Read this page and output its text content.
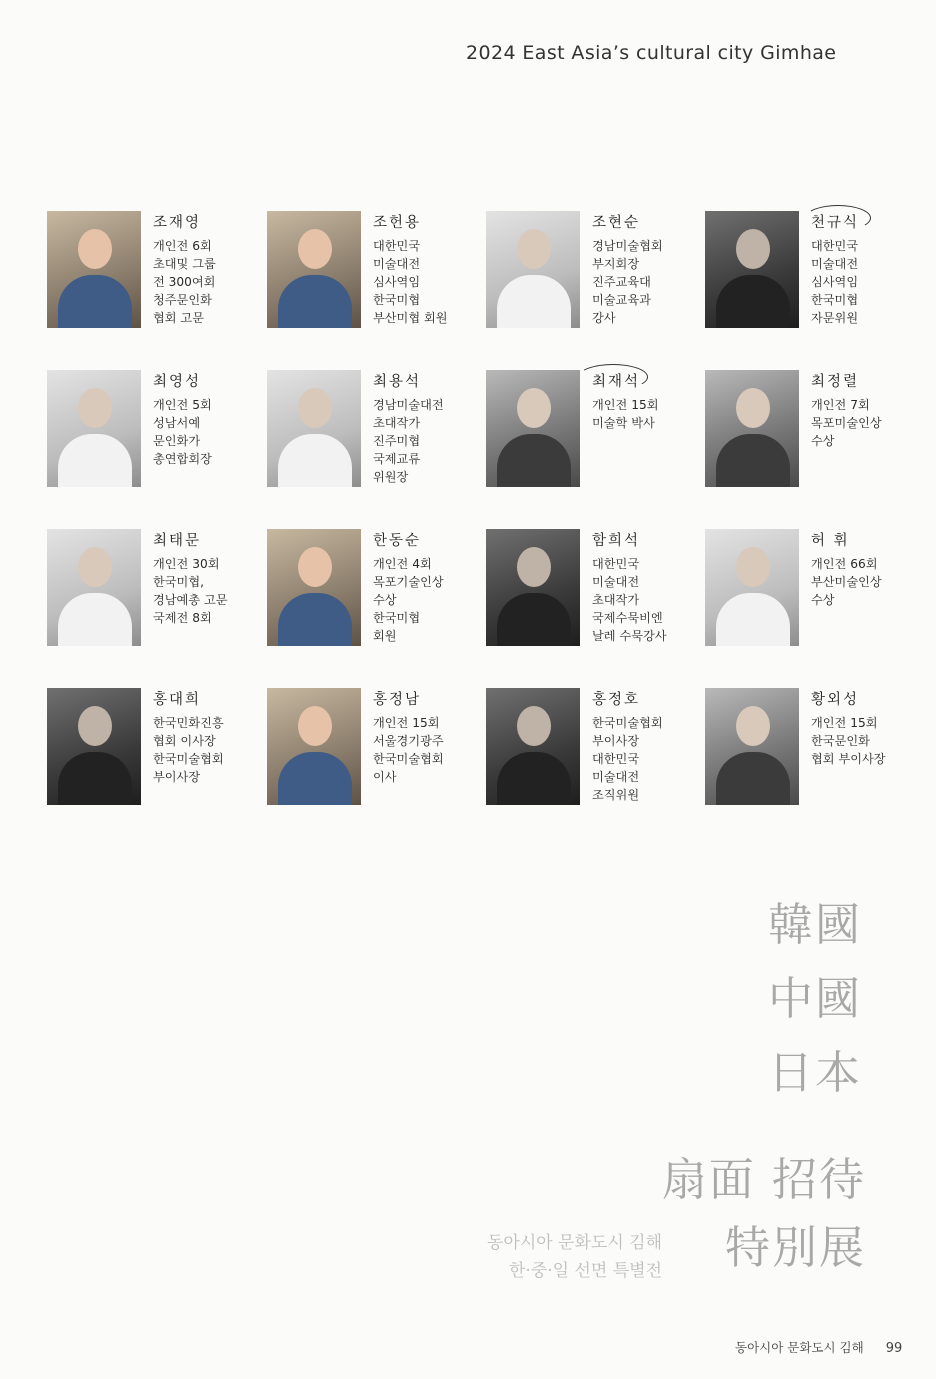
2024 East Asia’s cultural city Gimhae
조재영
개인전 6회
초대및 그룹
전 300여회
청주문인화
협회 고문
조헌용
대한민국
미술대전
심사역임
한국미협
부산미협 회원
조현순
경남미술협회
부지회장
진주교육대
미술교육과
강사
천규식
대한민국
미술대전
심사역임
한국미협
자문위원
최영성
개인전 5회
성남서예
문인화가
총연합회장
최용석
경남미술대전
초대작가
진주미협
국제교류
위원장
최재석
개인전 15회
미술학 박사
최정렬
개인전 7회
목포미술인상
수상
최태문
개인전 30회
한국미협,
경남예총 고문
국제전 8회
한동순
개인전 4회
목포기술인상
수상
한국미협
회원
함희석
대한민국
미술대전
초대작가
국제수묵비엔
날레 수묵강사
허 휘
개인전 66회
부산미술인상
수상
홍대희
한국민화진흥
협회 이사장
한국미술협회
부이사장
홍정남
개인전 15회
서울경기광주
한국미술협회
이사
홍정호
한국미술협회
부이사장
대한민국
미술대전
조직위원
황외성
개인전 15회
한국문인화
협회 부이사장
韓國
中國
日本
扇面 招待
特別展
동아시아 문화도시 김해
한·중·일 선면 특별전
동아시아 문화도시 김해 99
